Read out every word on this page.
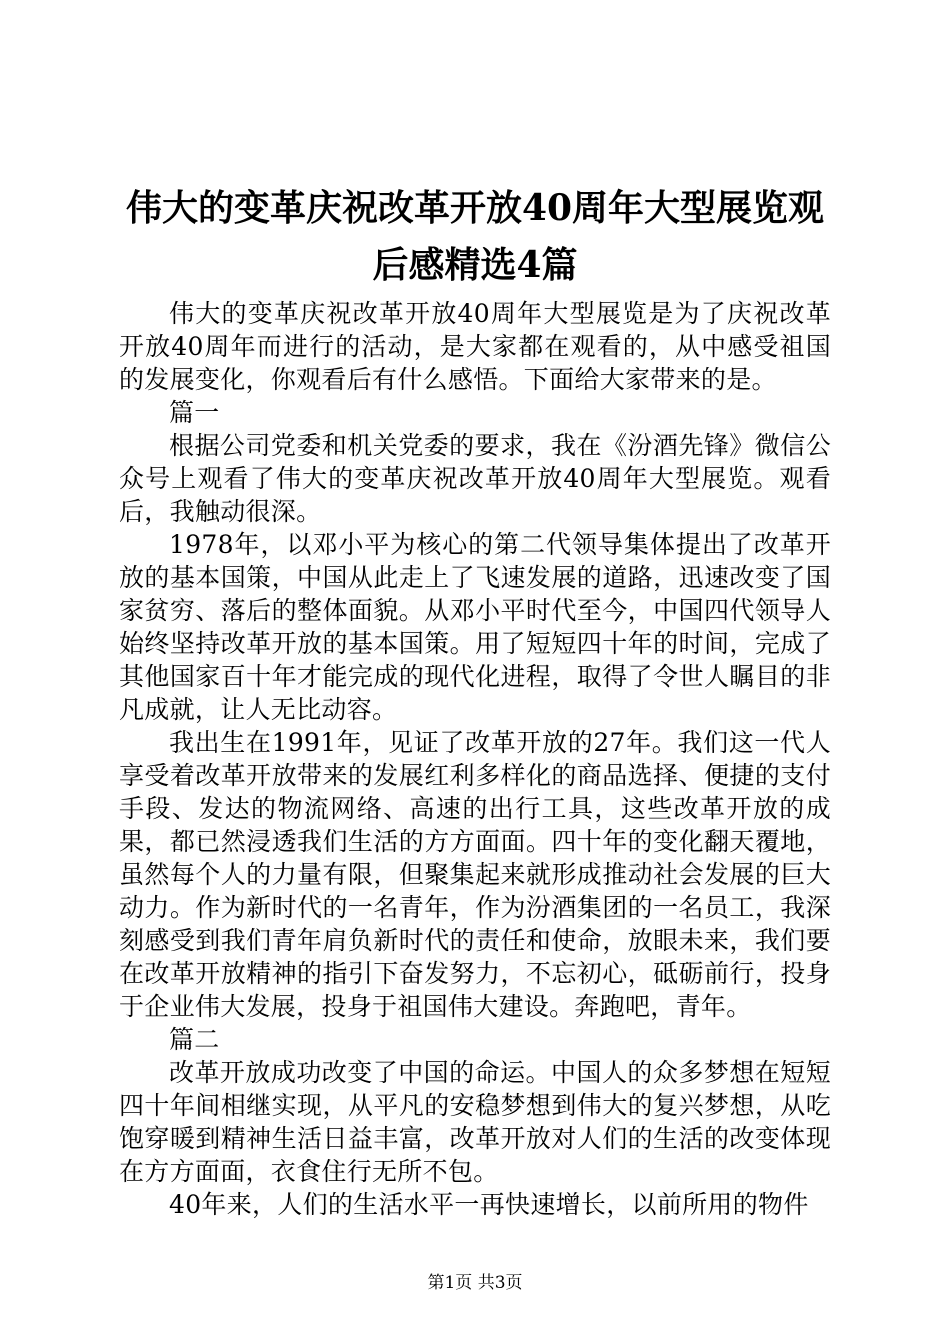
伟大的变革庆祝改革开放40周年大型展览观
后感精选4篇

伟大的变革庆祝改革开放40周年大型展览是为了庆祝改革开放40周年而进行的活动，是大家都在观看的，从中感受祖国的发展变化，你观看后有什么感悟。下面给大家带来的是。

篇一

根据公司党委和机关党委的要求，我在《汾酒先锋》微信公众号上观看了伟大的变革庆祝改革开放40周年大型展览。观看后，我触动很深。

1978年，以邓小平为核心的第二代领导集体提出了改革开放的基本国策，中国从此走上了飞速发展的道路，迅速改变了国家贫穷、落后的整体面貌。从邓小平时代至今，中国四代领导人始终坚持改革开放的基本国策。用了短短四十年的时间，完成了其他国家百十年才能完成的现代化进程，取得了令世人瞩目的非凡成就，让人无比动容。

我出生在1991年，见证了改革开放的27年。我们这一代人享受着改革开放带来的发展红利多样化的商品选择、便捷的支付手段、发达的物流网络、高速的出行工具，这些改革开放的成果，都已然浸透我们生活的方方面面。四十年的变化翻天覆地，虽然每个人的力量有限，但聚集起来就形成推动社会发展的巨大动力。作为新时代的一名青年，作为汾酒集团的一名员工，我深刻感受到我们青年肩负新时代的责任和使命，放眼未来，我们要在改革开放精神的指引下奋发努力，不忘初心，砥砺前行，投身于企业伟大发展，投身于祖国伟大建设。奔跑吧，青年。

篇二

改革开放成功改变了中国的命运。中国人的众多梦想在短短四十年间相继实现，从平凡的安稳梦想到伟大的复兴梦想，从吃饱穿暖到精神生活日益丰富，改革开放对人们的生活的改变体现在方方面面，衣食住行无所不包。

40年来，人们的生活水平一再快速增长，以前所用的物件

第1页 共3页
